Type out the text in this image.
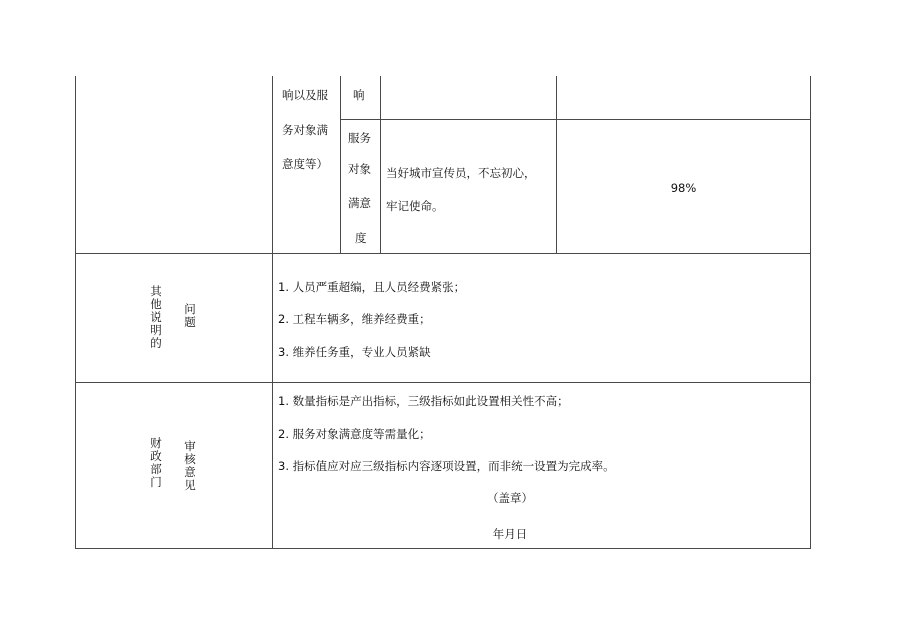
响以及服
务对象满
意度等）
响
服务
对象
满意
度
当好城市宣传员，不忘初心，
牢记使命。
98%
其他说明的
问题
1. 人员严重超编，且人员经费紧张；
2. 工程车辆多，维养经费重；
3. 维养任务重，专业人员紧缺
财政部门
审核意见
1. 数量指标是产出指标，三级指标如此设置相关性不高；
2. 服务对象满意度等需量化；
3. 指标值应对应三级指标内容逐项设置，而非统一设置为完成率。
（盖章）
年月日
